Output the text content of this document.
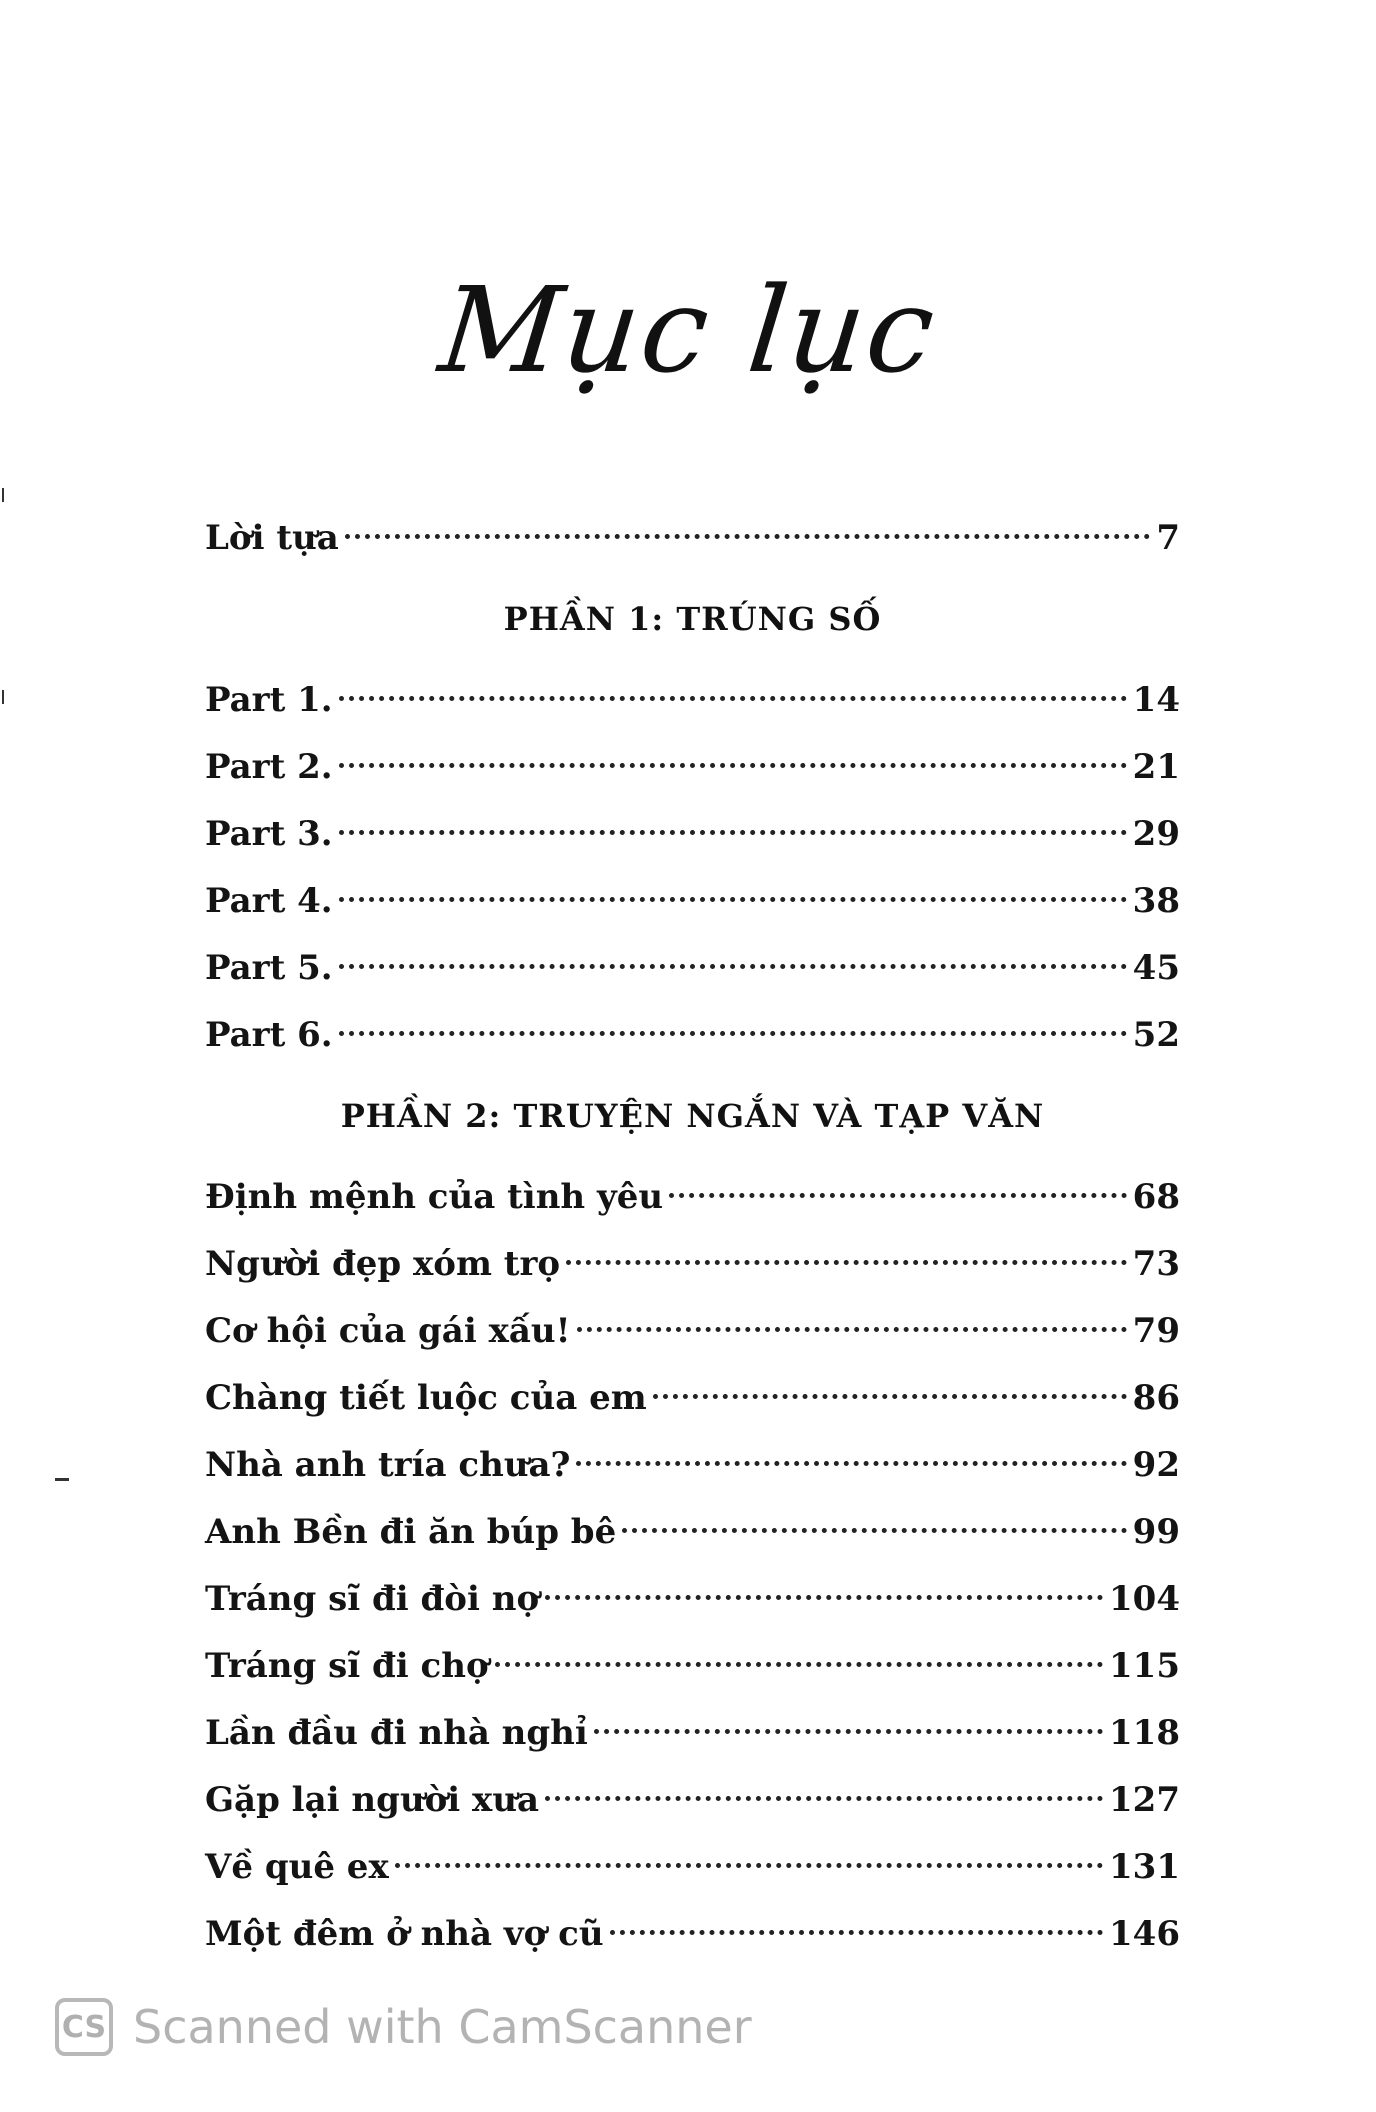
Mục lục
Lời tựa	7
PHẦN 1: TRÚNG SỐ
Part 1.	14
Part 2.	21
Part 3.	29
Part 4.	38
Part 5.	45
Part 6.	52
PHẦN 2: TRUYỆN NGẮN VÀ TẠP VĂN
Định mệnh của tình yêu	68
Người đẹp xóm trọ	73
Cơ hội của gái xấu!	79
Chàng tiết luộc của em	86
Nhà anh tría chưa?	92
Anh Bền đi ăn búp bê	99
Tráng sĩ đi đòi nợ	104
Tráng sĩ đi chợ	115
Lần đầu đi nhà nghỉ	118
Gặp lại người xưa	127
Về quê ex	131
Một đêm ở nhà vợ cũ	146
CS Scanned with CamScanner
